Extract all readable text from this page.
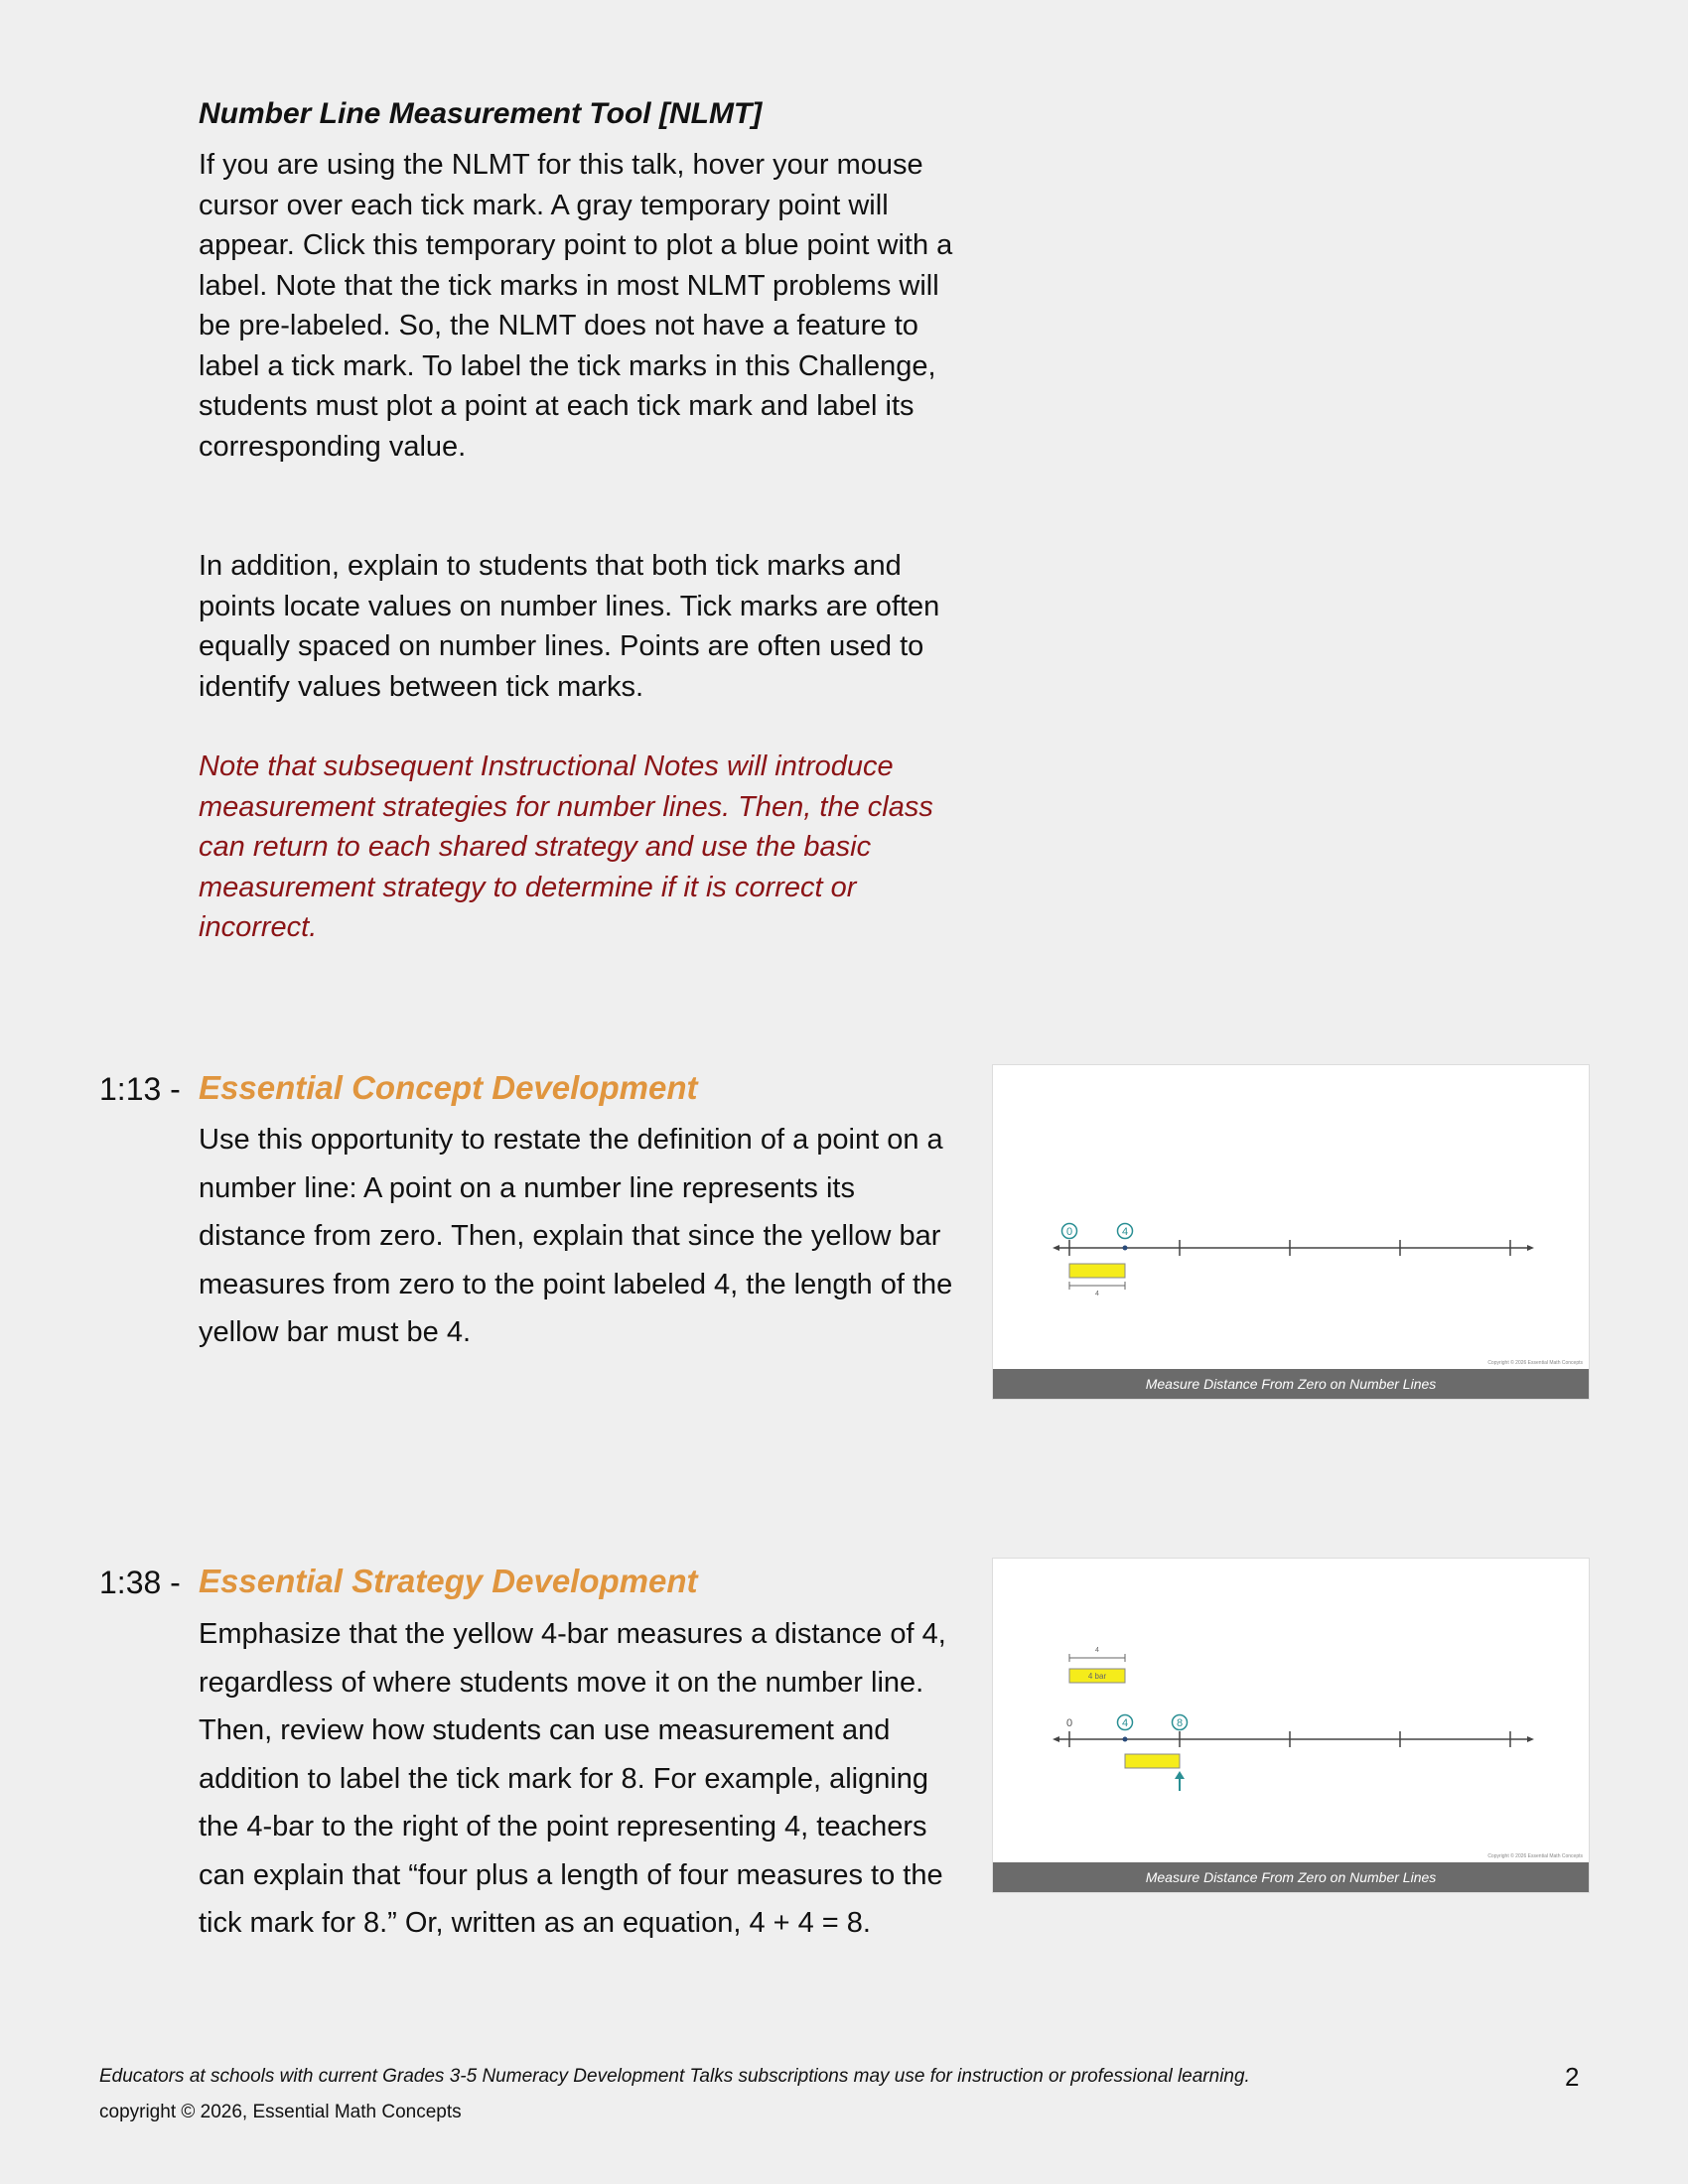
Number Line Measurement Tool [NLMT]
If you are using the NLMT for this talk, hover your mouse cursor over each tick mark. A gray temporary point will appear. Click this temporary point to plot a blue point with a label. Note that the tick marks in most NLMT problems will be pre-labeled. So, the NLMT does not have a feature to label a tick mark. To label the tick marks in this Challenge, students must plot a point at each tick mark and label its corresponding value.
In addition, explain to students that both tick marks and points locate values on number lines. Tick marks are often equally spaced on number lines. Points are often used to identify values between tick marks.
Note that subsequent Instructional Notes will introduce measurement strategies for number lines. Then, the class can return to each shared strategy and use the basic measurement strategy to determine if it is correct or incorrect.
1:13 - Essential Concept Development
Use this opportunity to restate the definition of a point on a number line: A point on a number line represents its distance from zero. Then, explain that since the yellow bar measures from zero to the point labeled 4, the length of the yellow bar must be 4.
0	4
4
Copyright © 2026 Essential Math Concepts
Measure Distance From Zero on Number Lines
1:38 - Essential Strategy Development
Emphasize that the yellow 4-bar measures a distance of 4, regardless of where students move it on the number line. Then, review how students can use measurement and addition to label the tick mark for 8. For example, aligning the 4-bar to the right of the point representing 4, teachers can explain that “four plus a length of four measures to the tick mark for 8.” Or, written as an equation, 4 + 4 = 8.
4
4 bar
0	4	8
Copyright © 2026 Essential Math Concepts
Measure Distance From Zero on Number Lines
Educators at schools with current Grades 3-5 Numeracy Development Talks subscriptions may use for instruction or professional learning.
copyright © 2026, Essential Math Concepts
2
